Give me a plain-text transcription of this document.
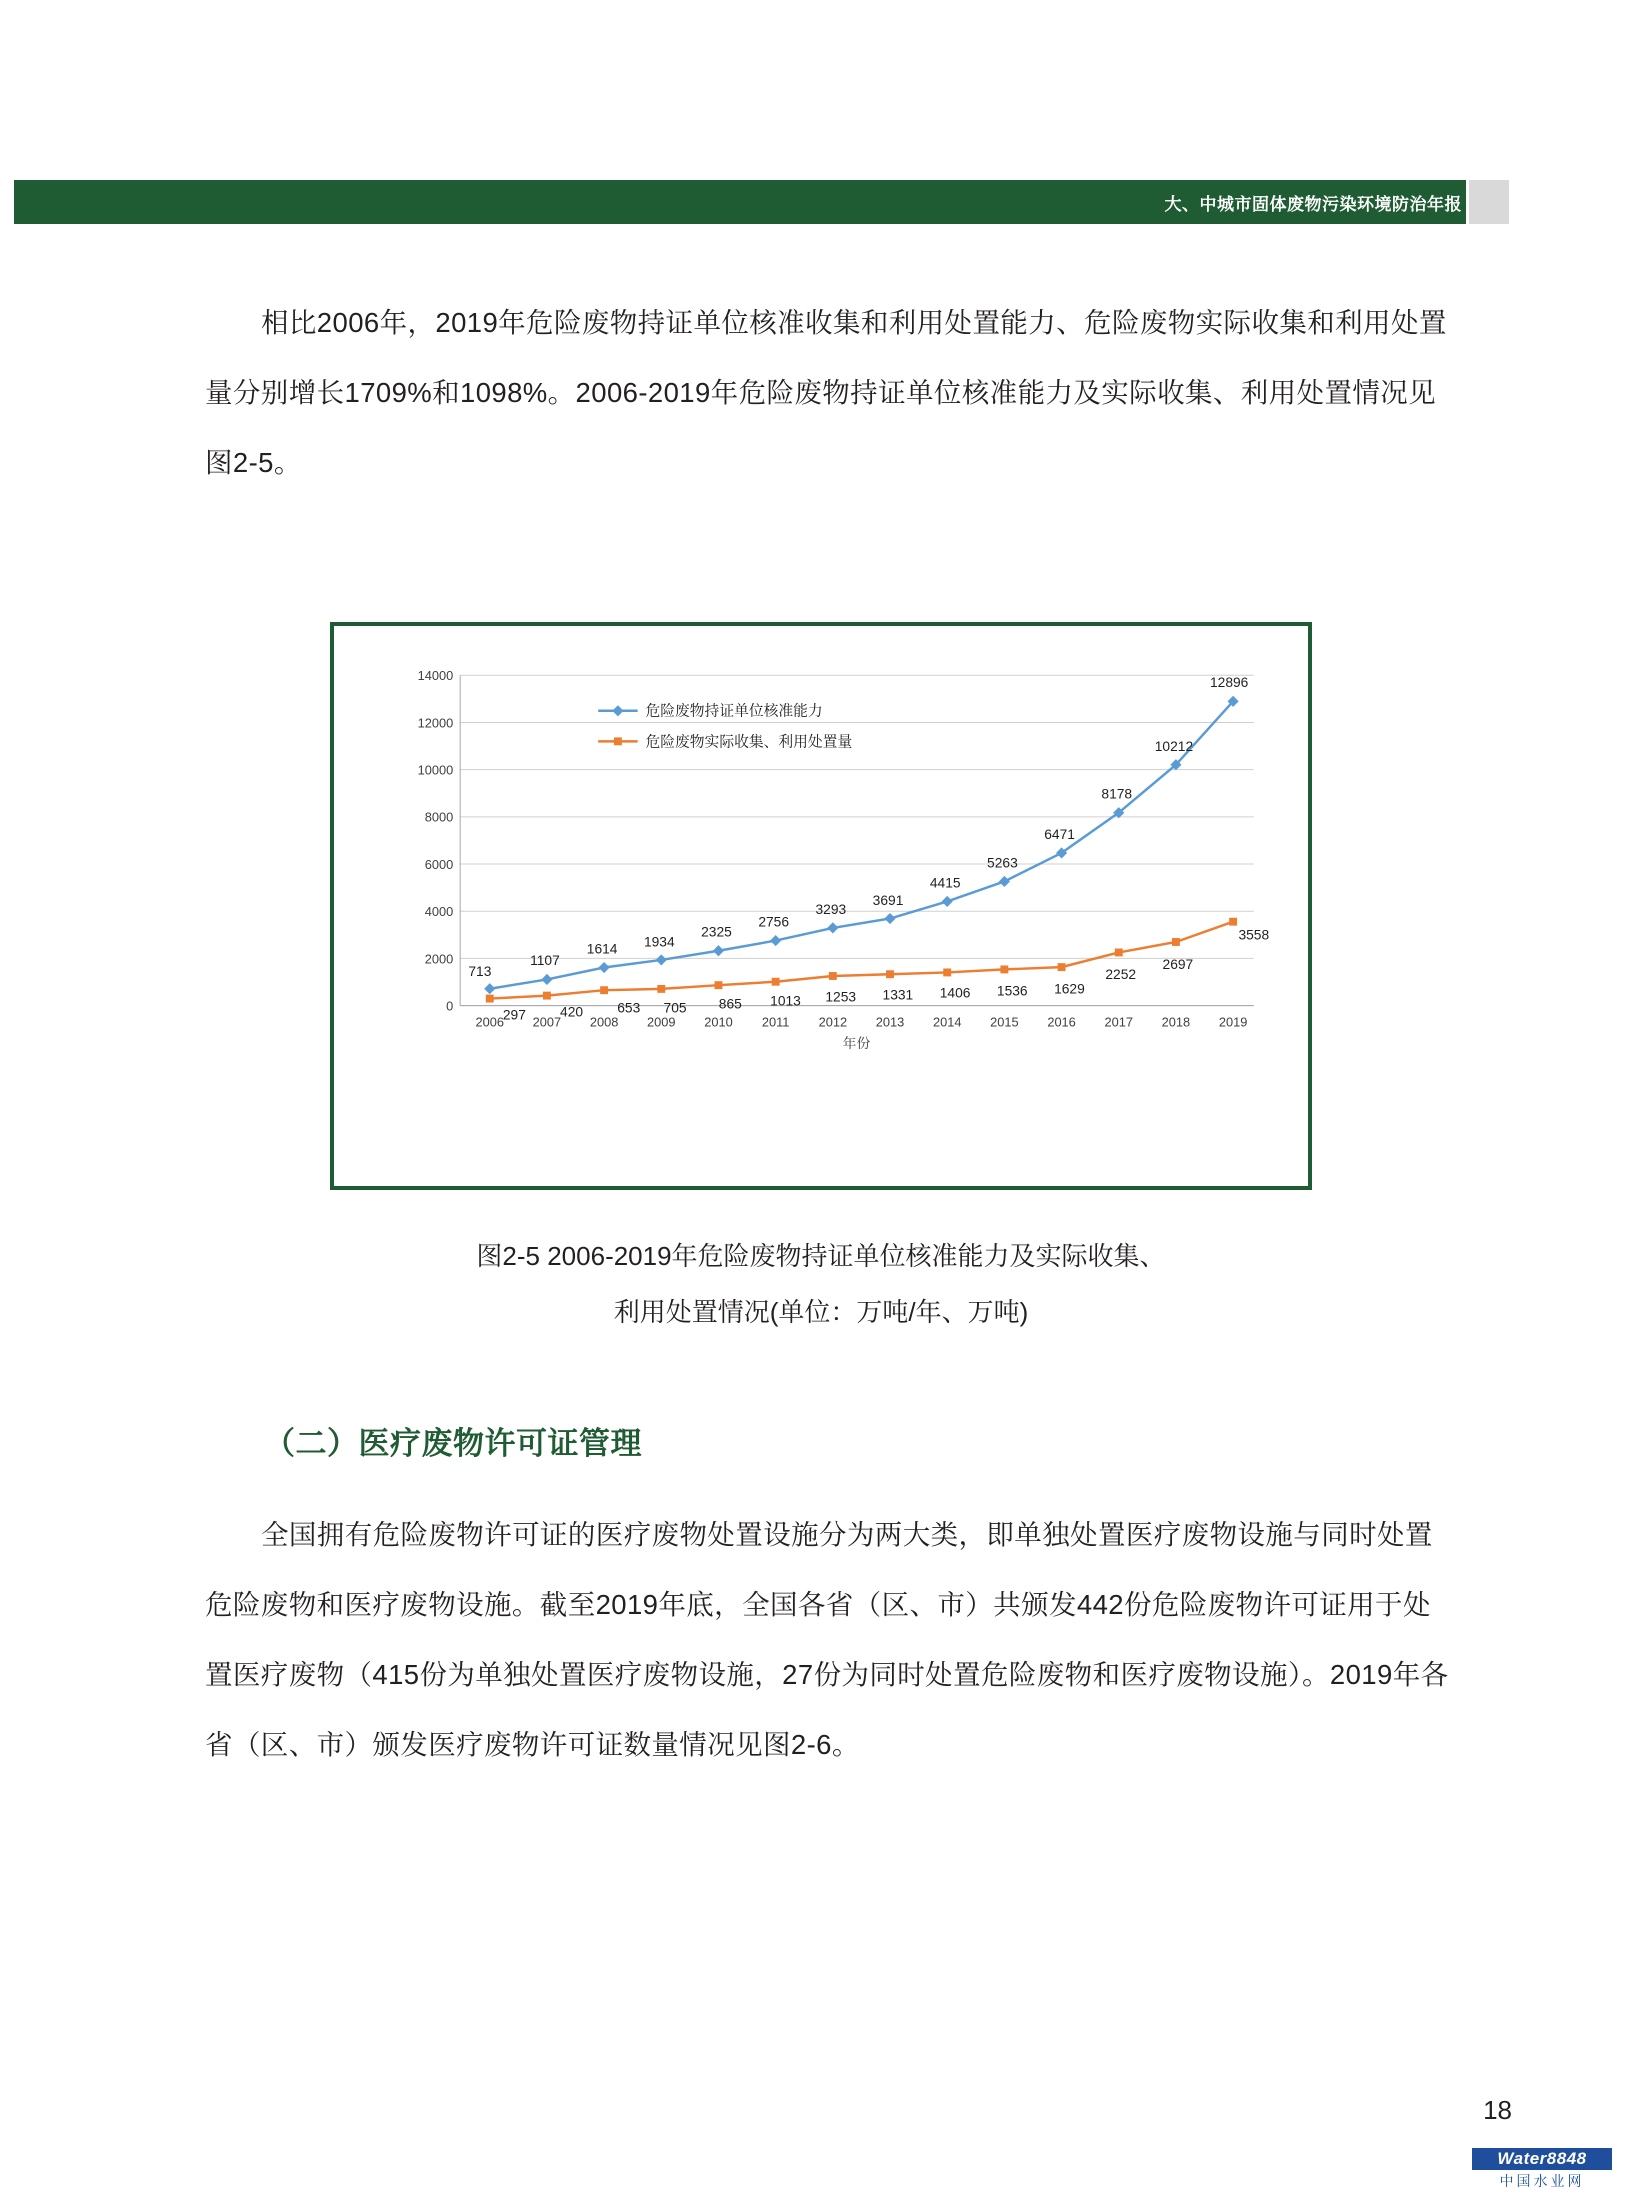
大、中城市固体废物污染环境防治年报
相比2006年，2019年危险废物持证单位核准收集和利用处置能力、危险废物实际收集和利用处置量分别增长1709%和1098%。2006-2019年危险废物持证单位核准能力及实际收集、利用处置情况见图2-5。
14000
12000
10000
8000
6000
4000
2000
0
2006 2007 2008 2009 2010 2011 2012 2013 2014 2015 2016 2017 2018 2019
年份
713
1107
1614 1934
2325
2756
3293
3691
4415
5263
6471
8178
10212
12896
297 420 653 705 865 1013 1253 1331 1406 1536 1629
2252
2697
3558
危险废物持证单位核准能力
危险废物实际收集、利用处置量
图2-5 2006-2019年危险废物持证单位核准能力及实际收集、
利用处置情况(单位：万吨/年、万吨)
（二）医疗废物许可证管理
全国拥有危险废物许可证的医疗废物处置设施分为两大类，即单独处置医疗废物设施与同时处置危险废物和医疗废物设施。截至2019年底，全国各省（区、市）共颁发442份危险废物许可证用于处置医疗废物（415份为单独处置医疗废物设施，27份为同时处置危险废物和医疗废物设施）。2019年各省（区、市）颁发医疗废物许可证数量情况见图2-6。
18
Water8848
中国水业网
